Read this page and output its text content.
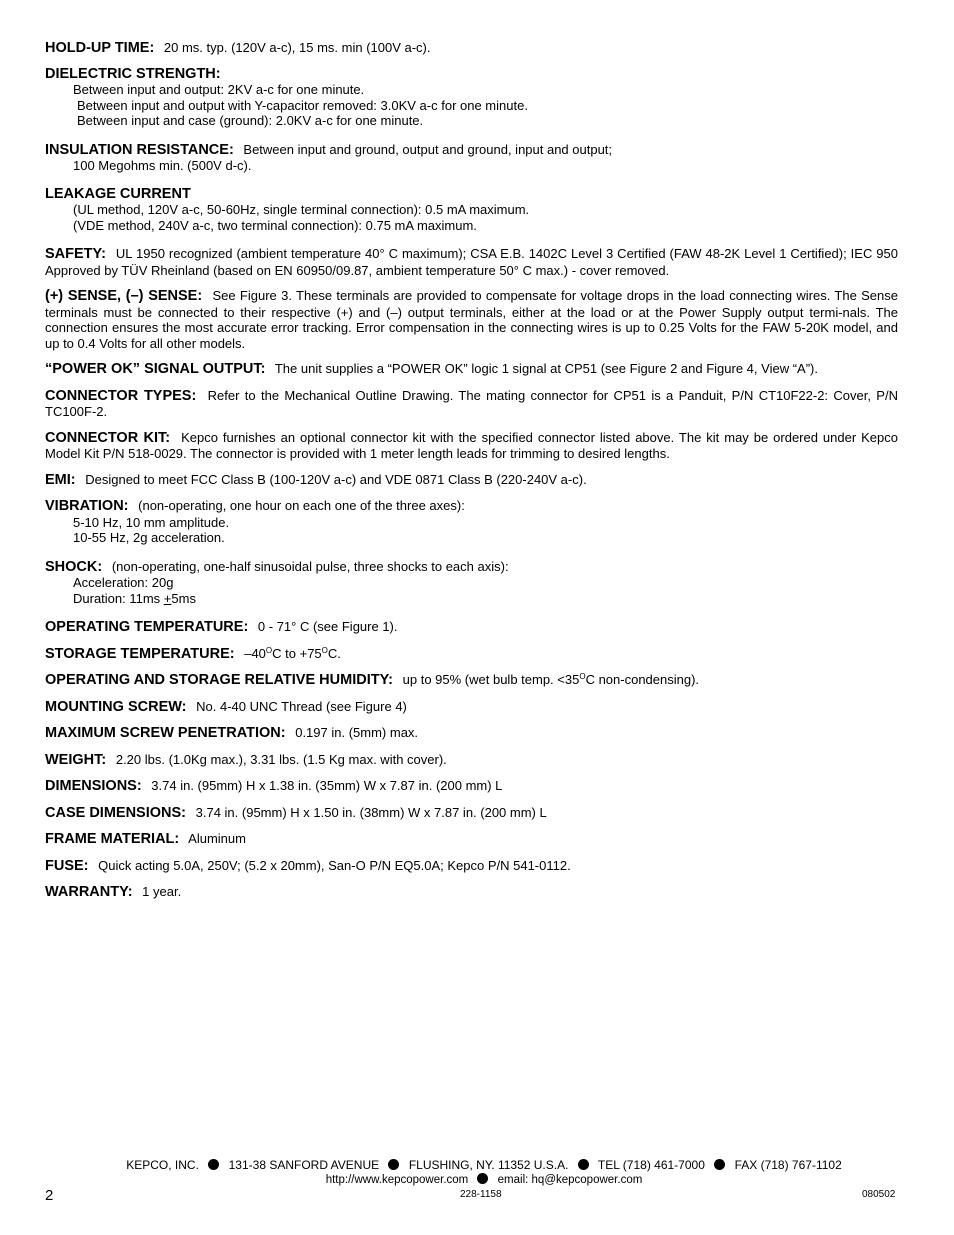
HOLD-UP TIME: 20 ms. typ. (120V a-c), 15 ms. min (100V a-c).
DIELECTRIC STRENGTH:
Between input and output: 2KV a-c for one minute.
Between input and output with Y-capacitor removed: 3.0KV a-c for one minute.
Between input and case (ground): 2.0KV a-c for one minute.
INSULATION RESISTANCE: Between input and ground, output and ground, input and output;
100 Megohms min. (500V d-c).
LEAKAGE CURRENT
(UL method, 120V a-c, 50-60Hz, single terminal connection): 0.5 mA maximum.
(VDE method, 240V a-c, two terminal connection): 0.75 mA maximum.
SAFETY: UL 1950 recognized (ambient temperature 40° C maximum); CSA E.B. 1402C Level 3 Certified (FAW 48-2K Level 1 Certified); IEC 950 Approved by TÜV Rheinland (based on EN 60950/09.87, ambient temperature 50° C max.) - cover removed.
(+) SENSE, (–) SENSE: See Figure 3. These terminals are provided to compensate for voltage drops in the load connecting wires. The Sense terminals must be connected to their respective (+) and (–) output terminals, either at the load or at the Power Supply output termi-nals. The connection ensures the most accurate error tracking. Error compensation in the connecting wires is up to 0.25 Volts for the FAW 5-20K model, and up to 0.4 Volts for all other models.
“POWER OK” SIGNAL OUTPUT: The unit supplies a “POWER OK” logic 1 signal at CP51 (see Figure 2 and Figure 4, View “A”).
CONNECTOR TYPES: Refer to the Mechanical Outline Drawing. The mating connector for CP51 is a Panduit, P/N CT10F22-2: Cover, P/N TC100F-2.
CONNECTOR KIT: Kepco furnishes an optional connector kit with the specified connector listed above. The kit may be ordered under Kepco Model Kit P/N 518-0029. The connector is provided with 1 meter length leads for trimming to desired lengths.
EMI: Designed to meet FCC Class B (100-120V a-c) and VDE 0871 Class B (220-240V a-c).
VIBRATION: (non-operating, one hour on each one of the three axes):
5-10 Hz, 10 mm amplitude.
10-55 Hz, 2g acceleration.
SHOCK: (non-operating, one-half sinusoidal pulse, three shocks to each axis):
Acceleration: 20g
Duration: 11ms +5ms
OPERATING TEMPERATURE: 0 - 71° C (see Figure 1).
STORAGE TEMPERATURE: $-40^OC$ to $+75^OC$.
OPERATING AND STORAGE RELATIVE HUMIDITY: up to 95% (wet bulb temp. $<35^OC$ non-condensing).
MOUNTING SCREW: No. 4-40 UNC Thread (see Figure 4)
MAXIMUM SCREW PENETRATION: 0.197 in. (5mm) max.
WEIGHT: 2.20 lbs. (1.0Kg max.), 3.31 lbs. (1.5 Kg max. with cover).
DIMENSIONS: 3.74 in. (95mm) H x 1.38 in. (35mm) W x 7.87 in. (200 mm) L
CASE DIMENSIONS: 3.74 in. (95mm) H x 1.50 in. (38mm) W x 7.87 in. (200 mm) L
FRAME MATERIAL: Aluminum
FUSE: Quick acting 5.0A, 250V; (5.2 x 20mm), San-O P/N EQ5.0A; Kepco P/N 541-0112.
WARRANTY: 1 year.
KEPCO, INC. 131-38 SANFORD AVENUE FLUSHING, NY. 11352 U.S.A. TEL (718) 461-7000 FAX (718) 767-1102
http://www.kepcopower.com	email: hq@kepcopower.com
2	228-1158	080502
